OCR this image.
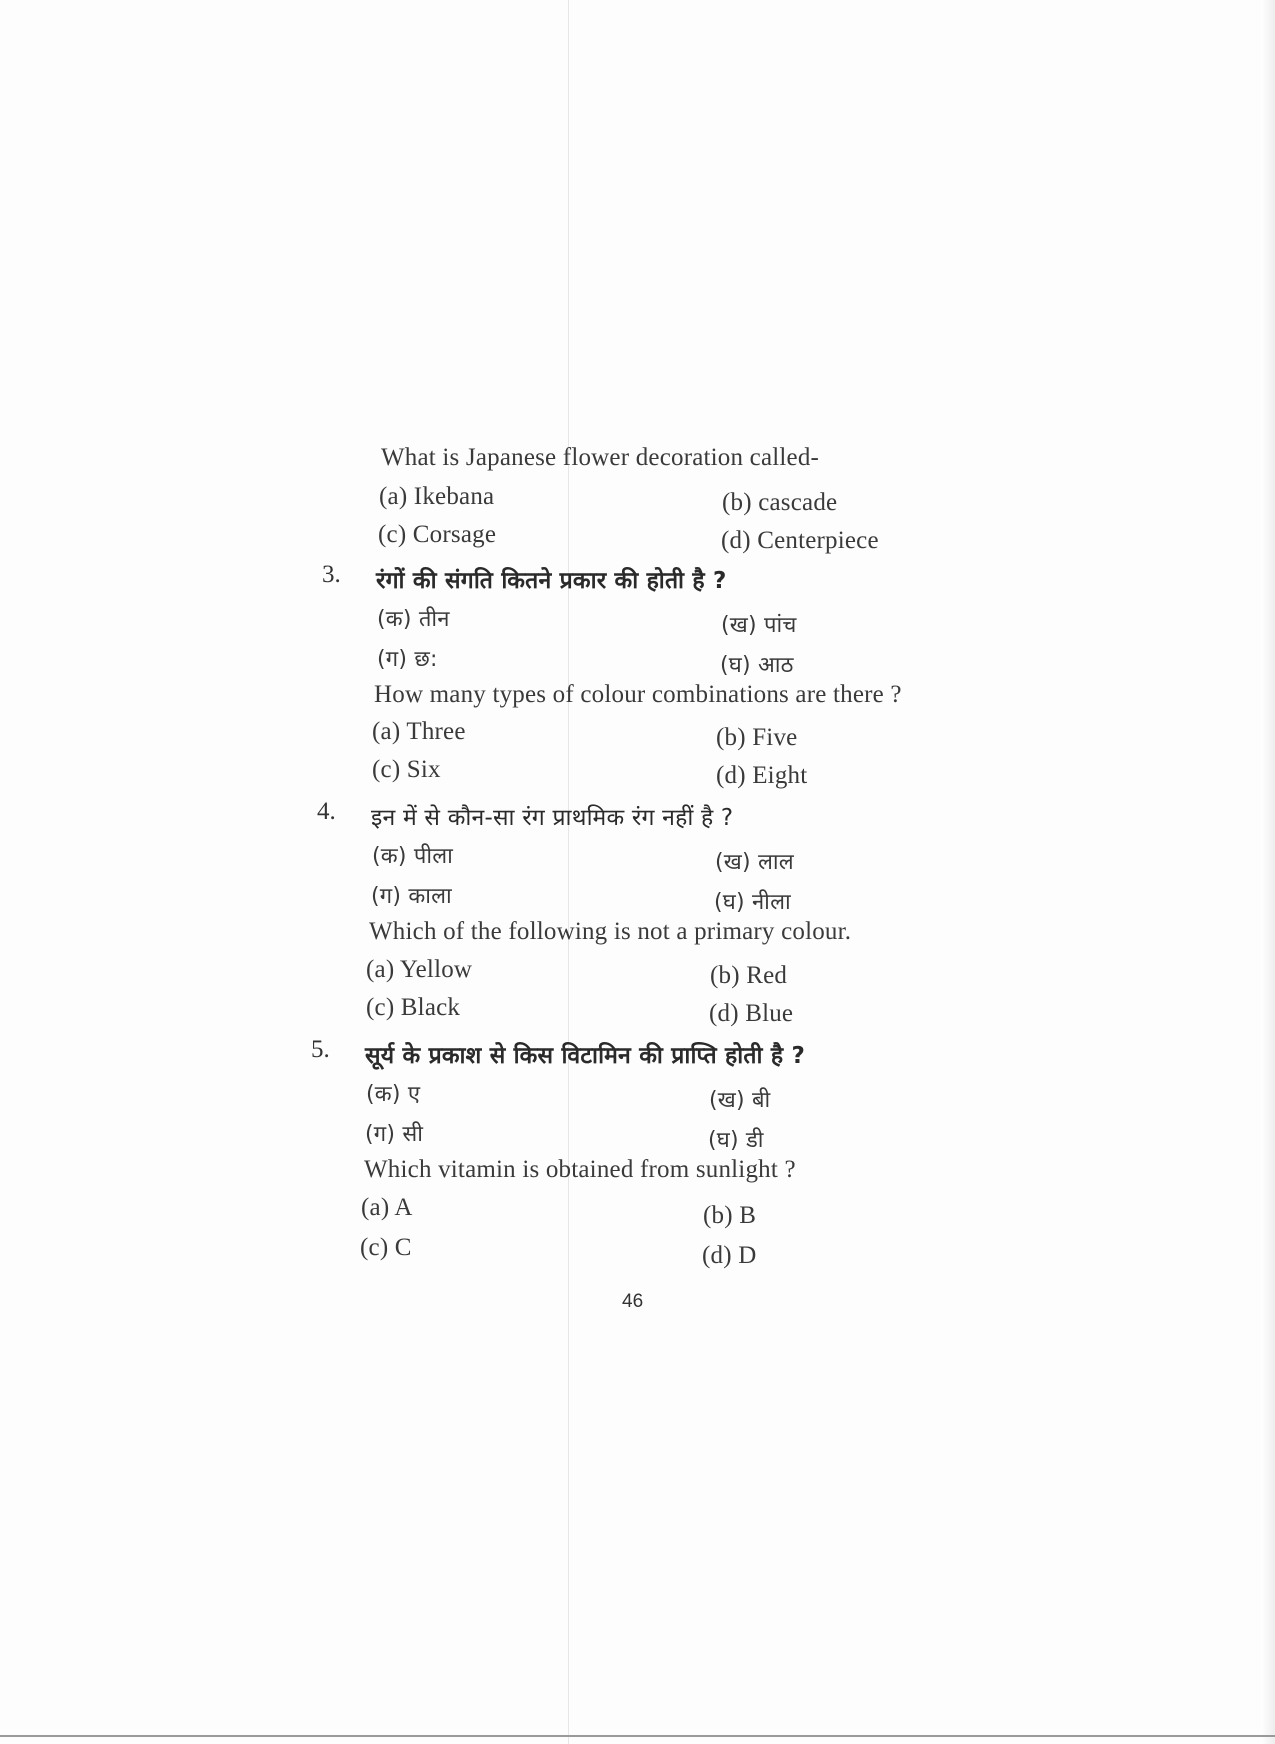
What is Japanese flower decoration called-
(a) Ikebana	(b) cascade
(c) Corsage	(d) Centerpiece
3. रंगों की संगति कितने प्रकार की होती है ?
(क) तीन	(ख) पांच
(ग) छ:	(घ) आठ
How many types of colour combinations are there ?
(a) Three	(b) Five
(c) Six	(d) Eight
4. इन में से कौन-सा रंग प्राथमिक रंग नहीं है ?
(क) पीला	(ख) लाल
(ग) काला	(घ) नीला
Which of the following is not a primary colour.
(a) Yellow	(b) Red
(c) Black	(d) Blue
5. सूर्य के प्रकाश से किस विटामिन की प्राप्ति होती है ?
(क) ए	(ख) बी
(ग) सी	(घ) डी
Which vitamin is obtained from sunlight ?
(a) A	(b) B
(c) C	(d) D
46
